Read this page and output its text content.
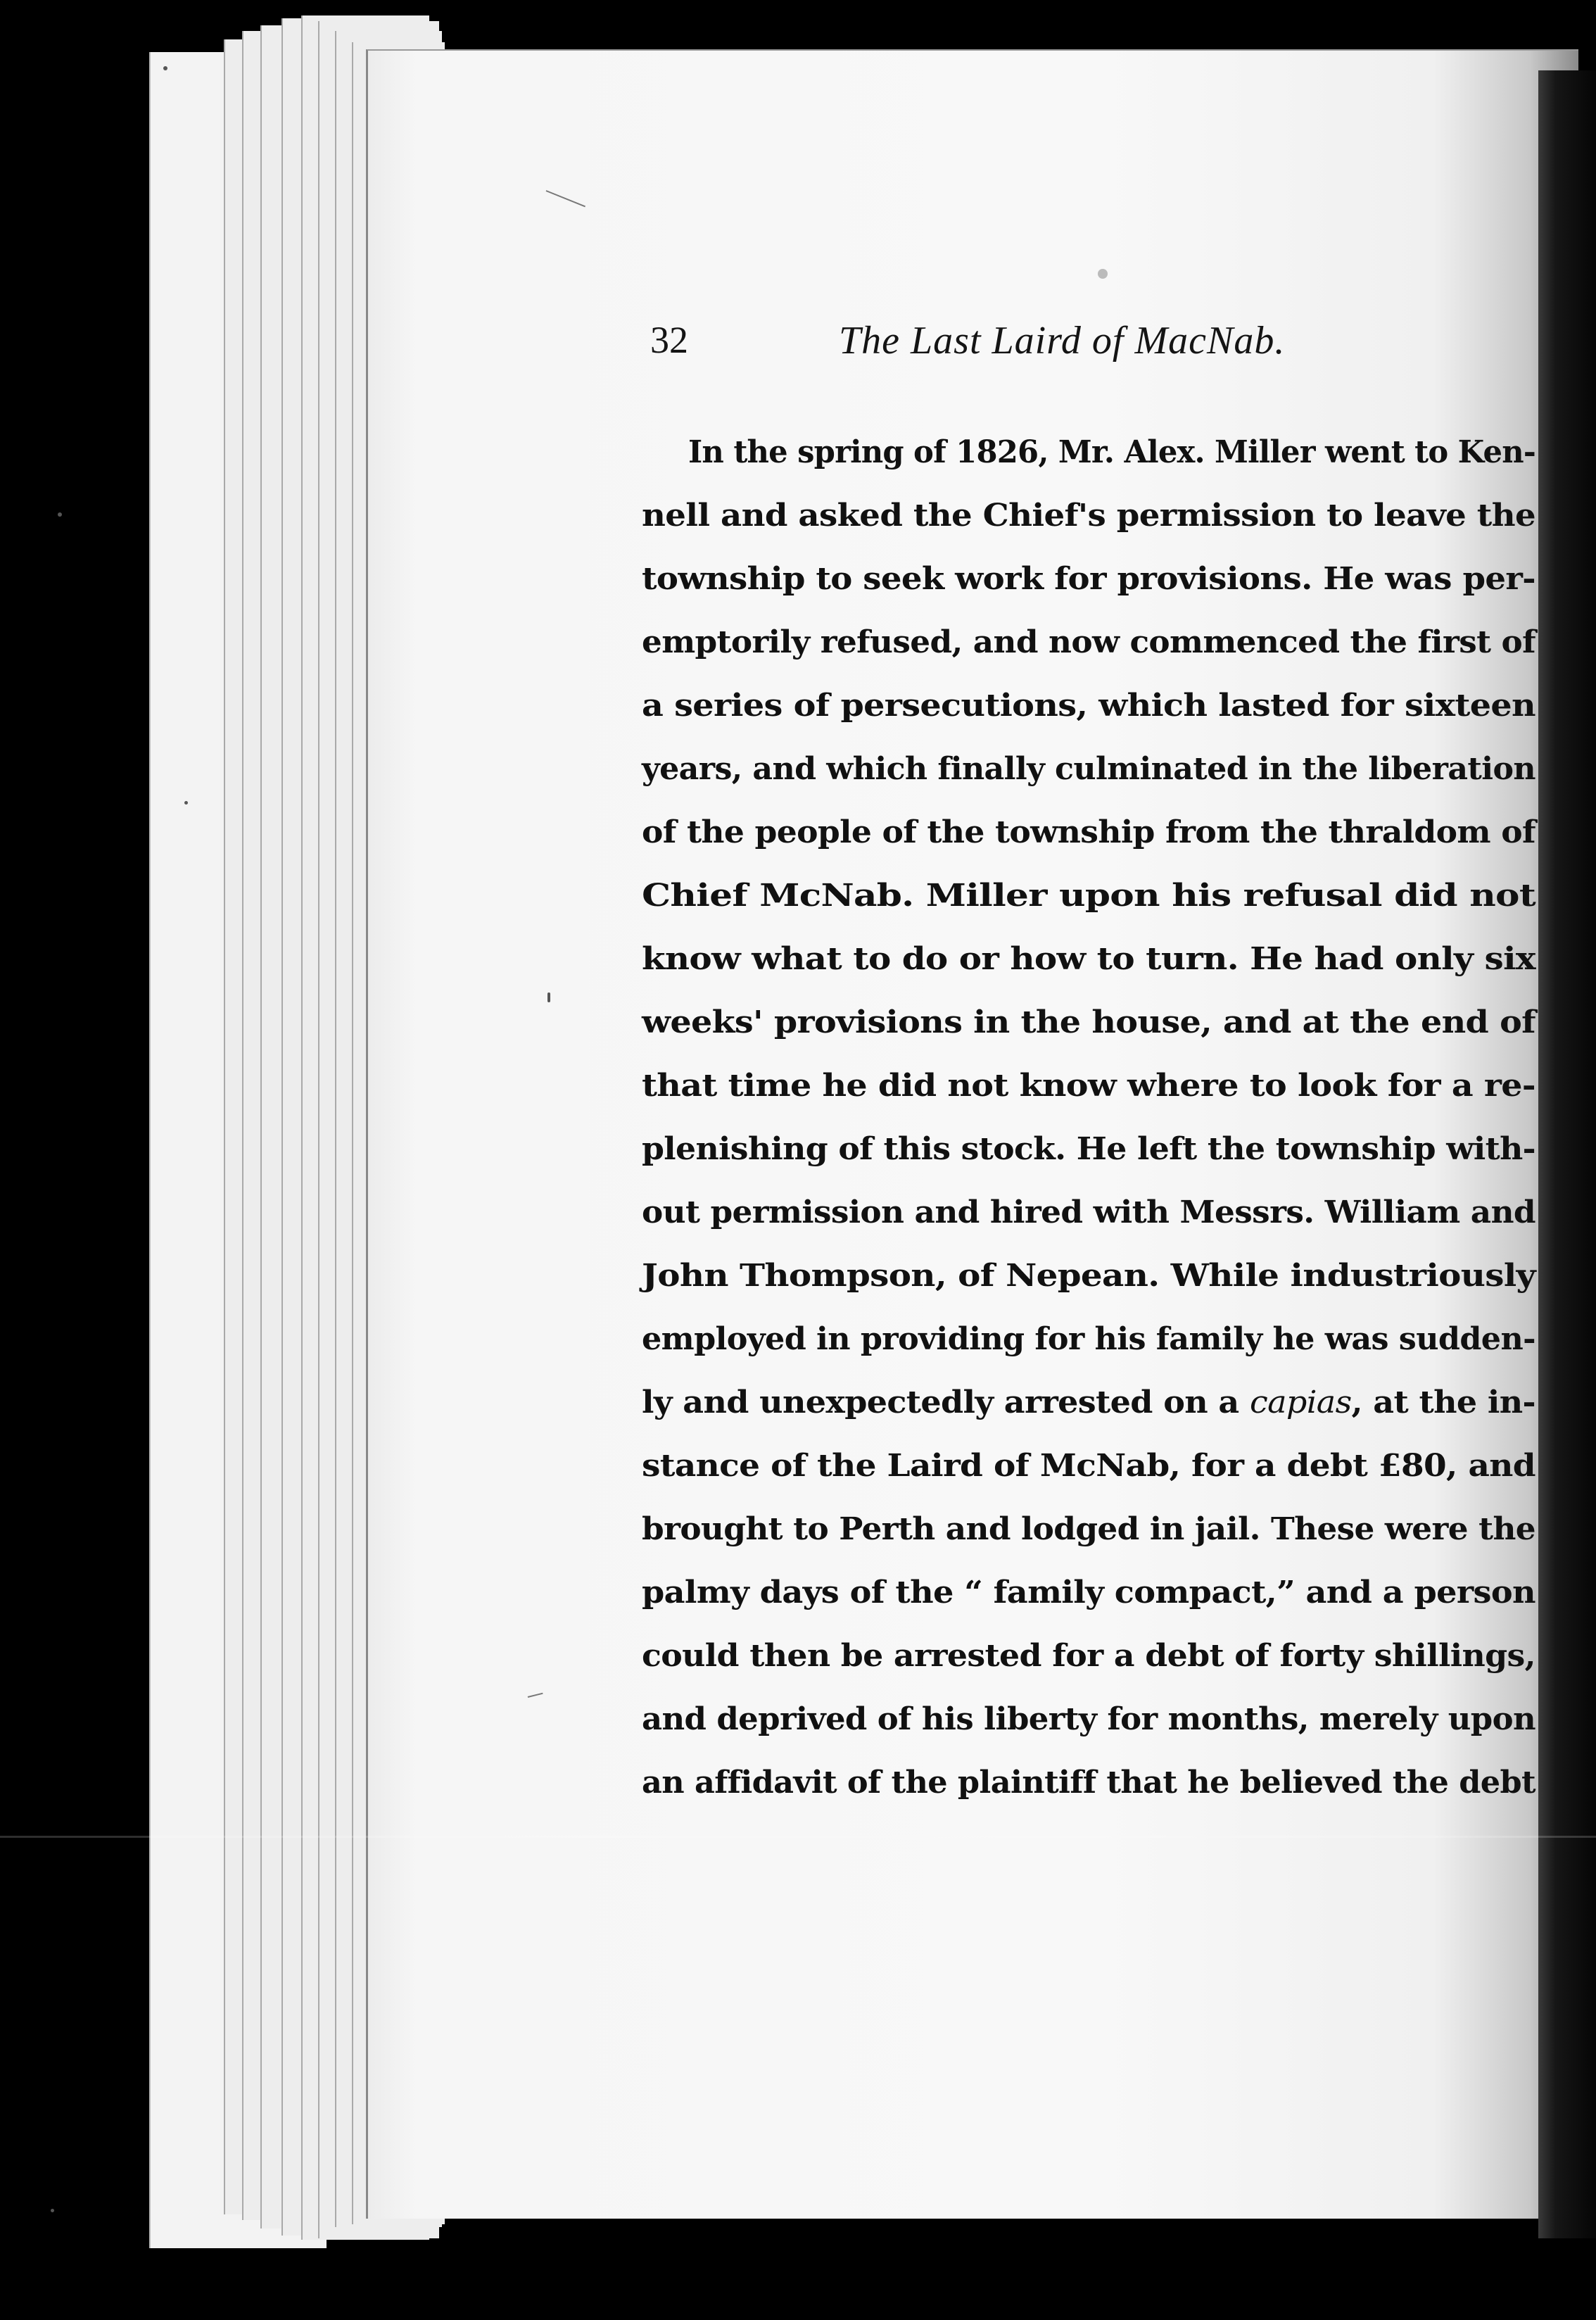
32	The Last Laird of MacNab.
In the spring of 1826, Mr. Alex. Miller went to Ken-
nell and asked the Chief's permission to leave the
township to seek work for provisions. He was per-
emptorily refused, and now commenced the first of
a series of persecutions, which lasted for sixteen
years, and which finally culminated in the liberation
of the people of the township from the thraldom of
Chief McNab. Miller upon his refusal did not
know what to do or how to turn. He had only six
weeks' provisions in the house, and at the end of
that time he did not know where to look for a re-
plenishing of this stock. He left the township with-
out permission and hired with Messrs. William and
John Thompson, of Nepean. While industriously
employed in providing for his family he was sudden-
ly and unexpectedly arrested on a capias, at the in-
stance of the Laird of McNab, for a debt £80, and
brought to Perth and lodged in jail. These were the
palmy days of the “ family compact,” and a person
could then be arrested for a debt of forty shillings,
and deprived of his liberty for months, merely upon
an affidavit of the plaintiff that he believed the debt
